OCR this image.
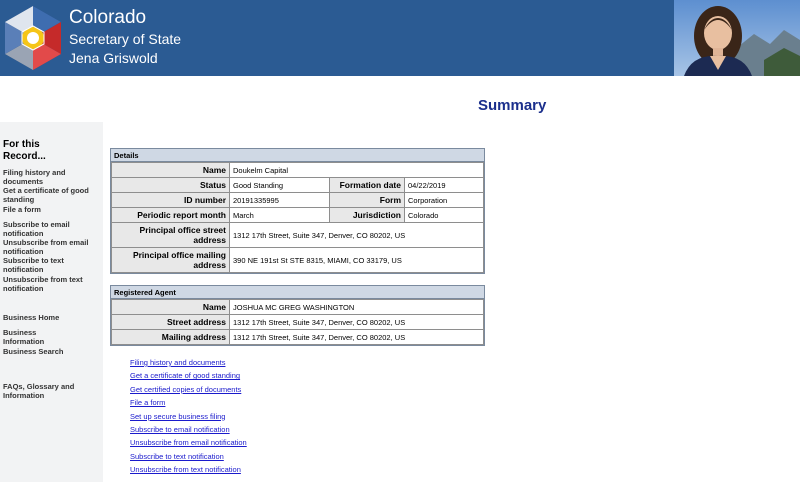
Colorado
Secretary of State
Jena Griswold
Summary
For this Record...
Filing history and documents
Get a certificate of good standing
File a form
Subscribe to email notification
Unsubscribe from email notification
Subscribe to text notification
Unsubscribe from text notification
Business Home
Business Information
Business Search
FAQs, Glossary and Information
Details
Name	Doukelm Capital		
Status	Good Standing	Formation date	04/22/2019
ID number	20191335995	Form	Corporation
Periodic report month	March	Jurisdiction	Colorado
Principal office street address	1312 17th Street, Suite 347, Denver, CO 80202, US		
Principal office mailing address	390 NE 191st St STE 8315, MIAMI, CO 33179, US		
Registered Agent
Name	JOSHUA MC GREG WASHINGTON
Street address	1312 17th Street, Suite 347, Denver, CO 80202, US
Mailing address	1312 17th Street, Suite 347, Denver, CO 80202, US
Filing history and documents
Get a certificate of good standing
Get certified copies of documents
File a form
Set up secure business filing
Subscribe to email notification
Unsubscribe from email notification
Subscribe to text notification
Unsubscribe from text notification
